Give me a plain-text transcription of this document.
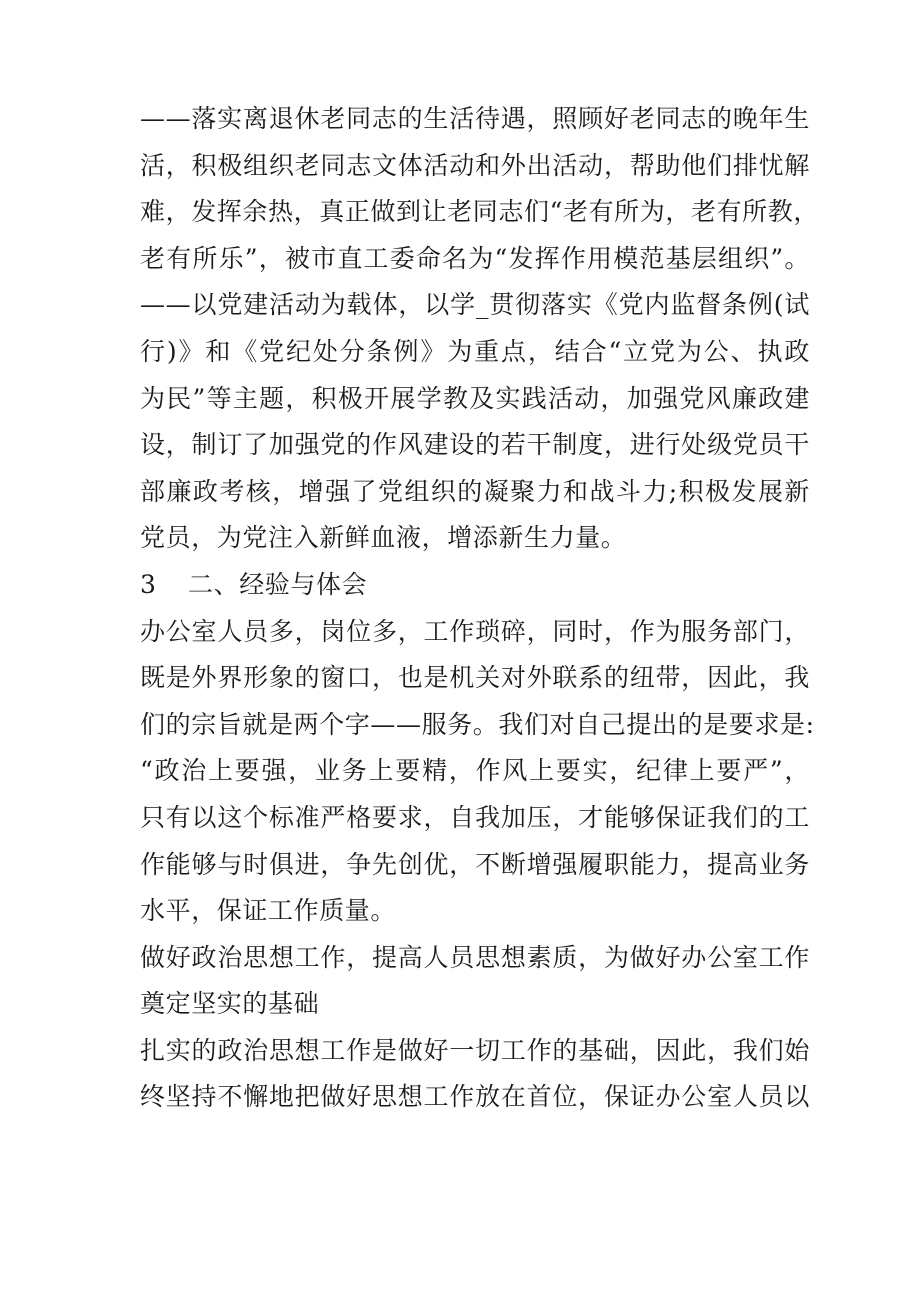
——落实离退休老同志的生活待遇，照顾好老同志的晚年生
活，积极组织老同志文体活动和外出活动，帮助他们排忧解
难，发挥余热，真正做到让老同志们“老有所为，老有所教，
老有所乐”，被市直工委命名为“发挥作用模范基层组织”。
——以党建活动为载体，以学_贯彻落实《党内监督条例(试
行)》和《党纪处分条例》为重点，结合“立党为公、执政
为民”等主题，积极开展学教及实践活动，加强党风廉政建
设，制订了加强党的作风建设的若干制度，进行处级党员干
部廉政考核，增强了党组织的凝聚力和战斗力;积极发展新
党员，为党注入新鲜血液，增添新生力量。
3 二、经验与体会
办公室人员多，岗位多，工作琐碎，同时，作为服务部门，
既是外界形象的窗口，也是机关对外联系的纽带，因此，我
们的宗旨就是两个字——服务。我们对自己提出的是要求是:
“政治上要强，业务上要精，作风上要实，纪律上要严”，
只有以这个标准严格要求，自我加压，才能够保证我们的工
作能够与时俱进，争先创优，不断增强履职能力，提高业务
水平，保证工作质量。
做好政治思想工作，提高人员思想素质，为做好办公室工作
奠定坚实的基础
扎实的政治思想工作是做好一切工作的基础，因此，我们始
终坚持不懈地把做好思想工作放在首位，保证办公室人员以
